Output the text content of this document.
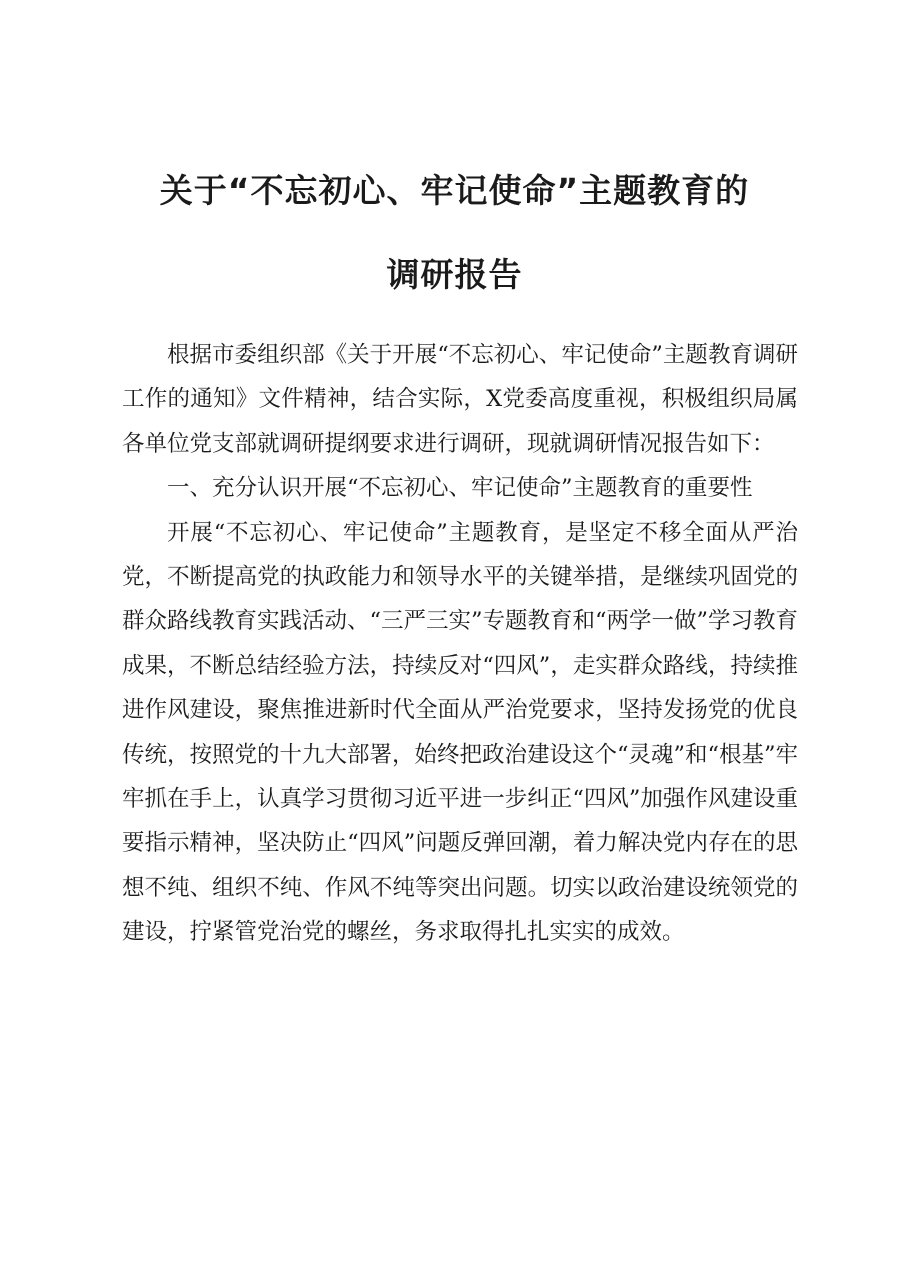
关于“不忘初心、牢记使命”主题教育的
调研报告

根据市委组织部《关于开展“不忘初心、牢记使命”主题教育调研工作的通知》文件精神，结合实际，X党委高度重视，积极组织局属各单位党支部就调研提纲要求进行调研，现就调研情况报告如下：

一、充分认识开展“不忘初心、牢记使命”主题教育的重要性

开展“不忘初心、牢记使命”主题教育，是坚定不移全面从严治党，不断提高党的执政能力和领导水平的关键举措，是继续巩固党的群众路线教育实践活动、“三严三实”专题教育和“两学一做”学习教育成果，不断总结经验方法，持续反对“四风”，走实群众路线，持续推进作风建设，聚焦推进新时代全面从严治党要求，坚持发扬党的优良传统，按照党的十九大部署，始终把政治建设这个“灵魂”和“根基”牢牢抓在手上，认真学习贯彻习近平进一步纠正“四风”加强作风建设重要指示精神，坚决防止“四风”问题反弹回潮，着力解决党内存在的思想不纯、组织不纯、作风不纯等突出问题。切实以政治建设统领党的建设，拧紧管党治党的螺丝，务求取得扎扎实实的成效。
